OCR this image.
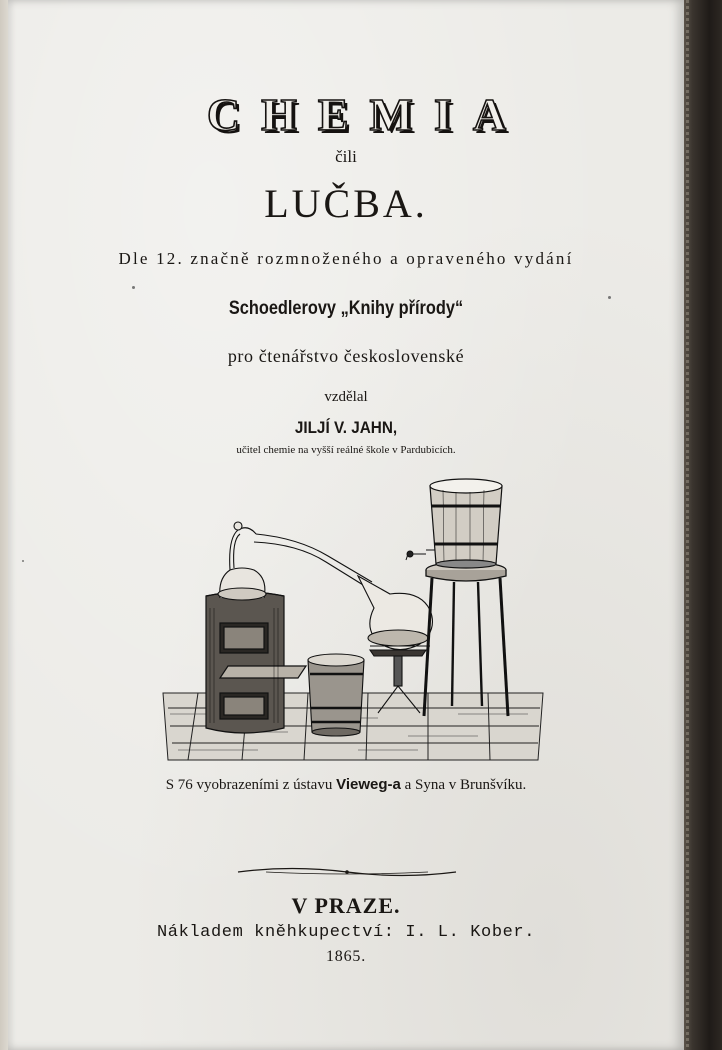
CHEMIA
čili
LUČBA.
Dle 12. značně rozmnoženého a opraveného vydání
Schoedlerovy „Knihy přírody“
pro čtenářstvo československé
vzdělal
JILJÍ V. JAHN,
učitel chemie na vyšší reálné škole v Pardubicích.
S 76 vyobrazeními z ústavu Vieweg-a a Syna v Brunšvíku.
V PRAZE.
Nákladem kněhkupectví: I. L. Kober.
1865.
